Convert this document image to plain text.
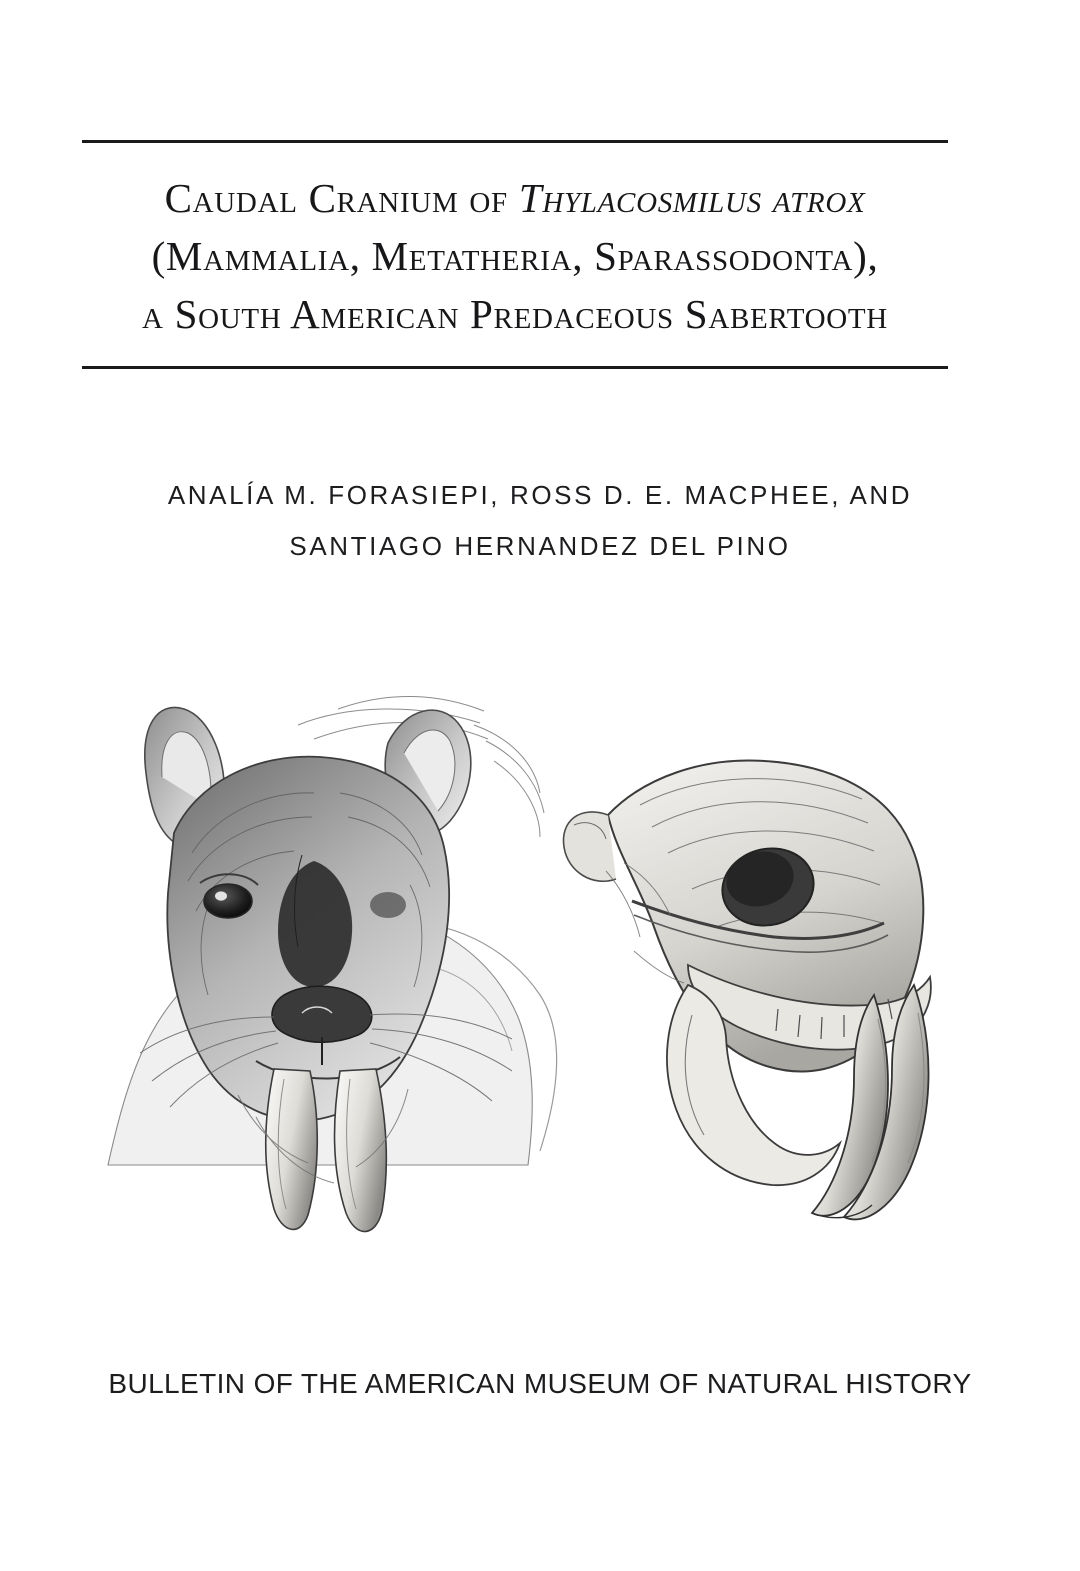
Caudal Cranium of Thylacosmilus atrox
(Mammalia, Metatheria, Sparassodonta),
a South American Predaceous Sabertooth
ANALÍA M. FORASIEPI, ROSS D. E. MACPHEE, AND
SANTIAGO HERNANDEZ DEL PINO
BULLETIN OF THE AMERICAN MUSEUM OF NATURAL HISTORY
